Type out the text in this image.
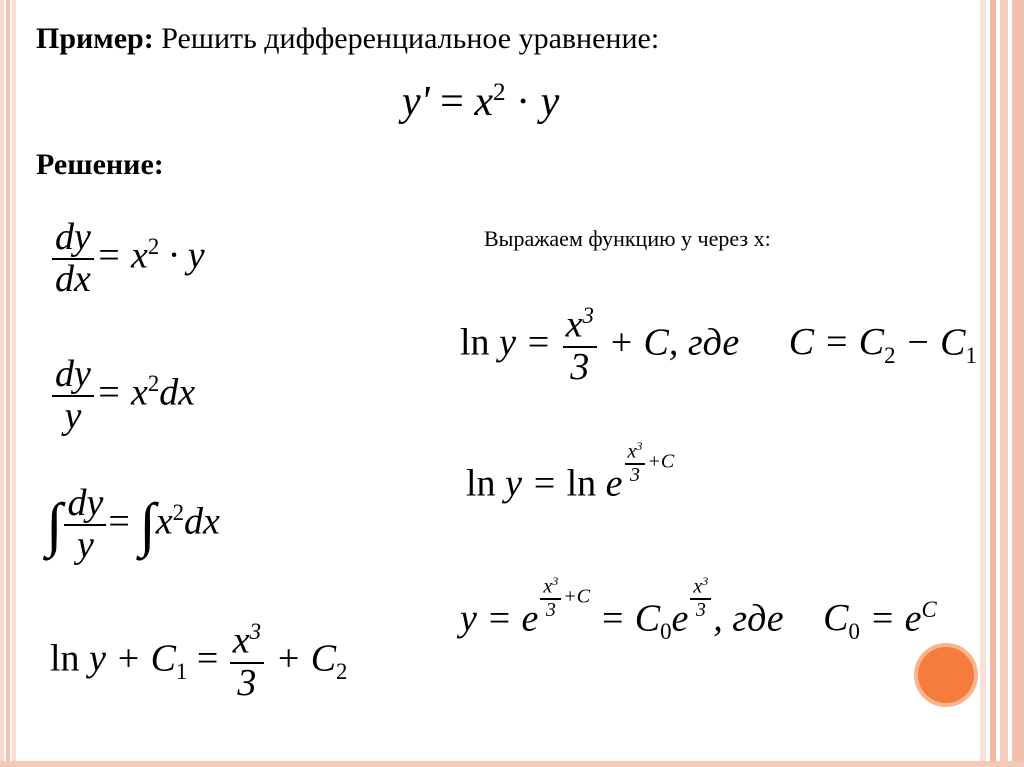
Пример: Решить дифференциальное уравнение:
$y' = x^2 \cdot y$
Решение:
Выражаем функцию у через х:
$\frac{dy}{dx} = x^2 \cdot y$
$\frac{dy}{y} = x^2dx$
∫ $\frac{dy}{y} = \int x^2dx$
$\ln y + C_1 = \frac{x^3}{3} + C_2$
$\ln y = \frac{x^3}{3} + C$, где $C = C_2 - C_1$
ln y = ln e $\frac{x^3}{3} +C$
y = e $\frac{x^3}{3} +C = C_0e \frac{x^3}{3}$ , где $C_0 = e^C$
